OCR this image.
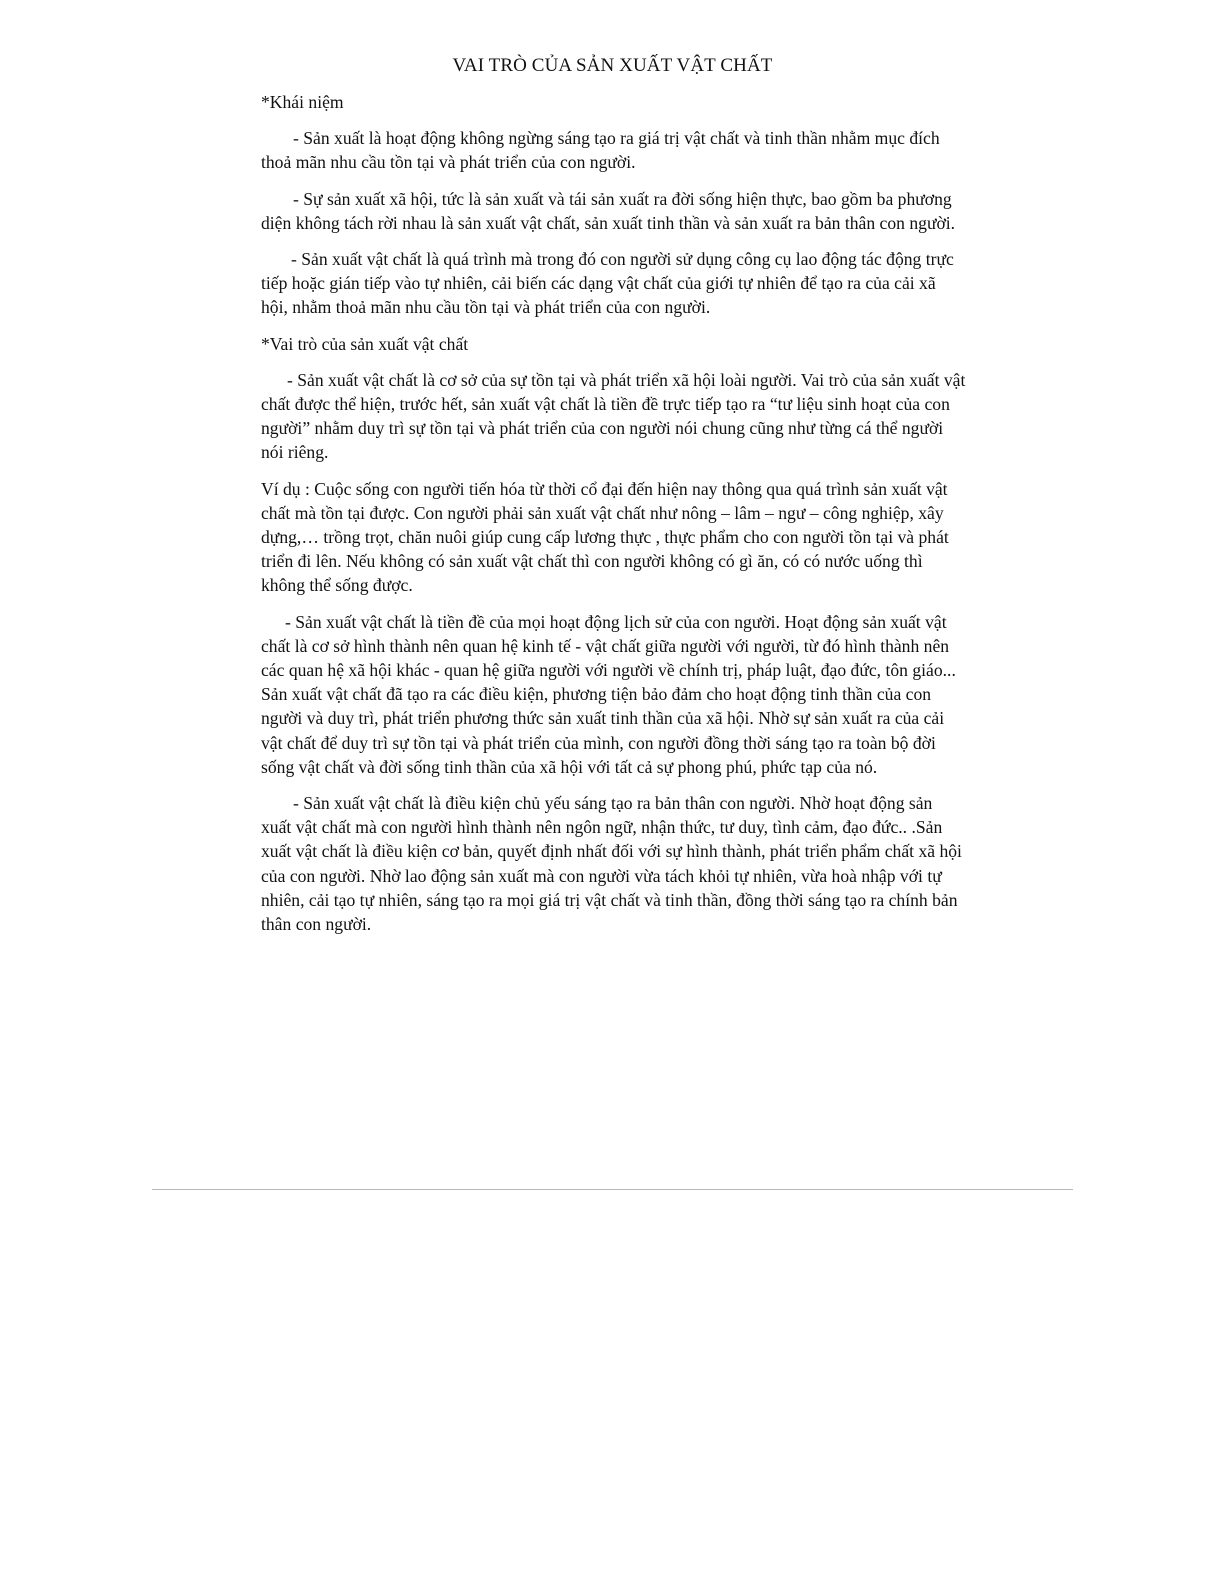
VAI TRÒ CỦA SẢN XUẤT VẬT CHẤT
*Khái niệm

- Sản xuất là hoạt động không ngừng sáng tạo ra giá trị vật chất và tinh thần nhằm mục đích thoả mãn nhu cầu tồn tại và phát triển của con người.

- Sự sản xuất xã hội, tức là sản xuất và tái sản xuất ra đời sống hiện thực, bao gồm ba phương diện không tách rời nhau là sản xuất vật chất, sản xuất tinh thần và sản xuất ra bản thân con người.

- Sản xuất vật chất là quá trình mà trong đó con người sử dụng công cụ lao động tác động trực tiếp hoặc gián tiếp vào tự nhiên, cải biến các dạng vật chất của giới tự nhiên để tạo ra của cải xã hội, nhằm thoả mãn nhu cầu tồn tại và phát triển của con người.

*Vai trò của sản xuất vật chất

- Sản xuất vật chất là cơ sở của sự tồn tại và phát triển xã hội loài người. Vai trò của sản xuất vật chất được thể hiện, trước hết, sản xuất vật chất là tiền đề trực tiếp tạo ra “tư liệu sinh hoạt của con người” nhằm duy trì sự tồn tại và phát triển của con người nói chung cũng như từng cá thể người nói riêng.

Ví dụ : Cuộc sống con người tiến hóa từ thời cổ đại đến hiện nay thông qua quá trình sản xuất vật chất mà tồn tại được. Con người phải sản xuất vật chất như nông – lâm – ngư – công nghiệp, xây dựng,… trồng trọt, chăn nuôi giúp cung cấp lương thực , thực phẩm cho con người tồn tại và phát triển đi lên. Nếu không có sản xuất vật chất thì con người không có gì ăn, có có nước uống thì không thể sống được.

- Sản xuất vật chất là tiền đề của mọi hoạt động lịch sử của con người. Hoạt động sản xuất vật chất là cơ sở hình thành nên quan hệ kinh tế - vật chất giữa người với người, từ đó hình thành nên các quan hệ xã hội khác - quan hệ giữa người với người về chính trị, pháp luật, đạo đức, tôn giáo... Sản xuất vật chất đã tạo ra các điều kiện, phương tiện bảo đảm cho hoạt động tinh thần của con người và duy trì, phát triển phương thức sản xuất tinh thần của xã hội. Nhờ sự sản xuất ra của cải vật chất để duy trì sự tồn tại và phát triển của mình, con người đồng thời sáng tạo ra toàn bộ đời sống vật chất và đời sống tinh thần của xã hội với tất cả sự phong phú, phức tạp của nó.

- Sản xuất vật chất là điều kiện chủ yếu sáng tạo ra bản thân con người. Nhờ hoạt động sản xuất vật chất mà con người hình thành nên ngôn ngữ, nhận thức, tư duy, tình cảm, đạo đức.. .Sản xuất vật chất là điều kiện cơ bản, quyết định nhất đối với sự hình thành, phát triển phẩm chất xã hội của con người. Nhờ lao động sản xuất mà con người vừa tách khỏi tự nhiên, vừa hoà nhập với tự nhiên, cải tạo tự nhiên, sáng tạo ra mọi giá trị vật chất và tinh thần, đồng thời sáng tạo ra chính bản thân con người.
